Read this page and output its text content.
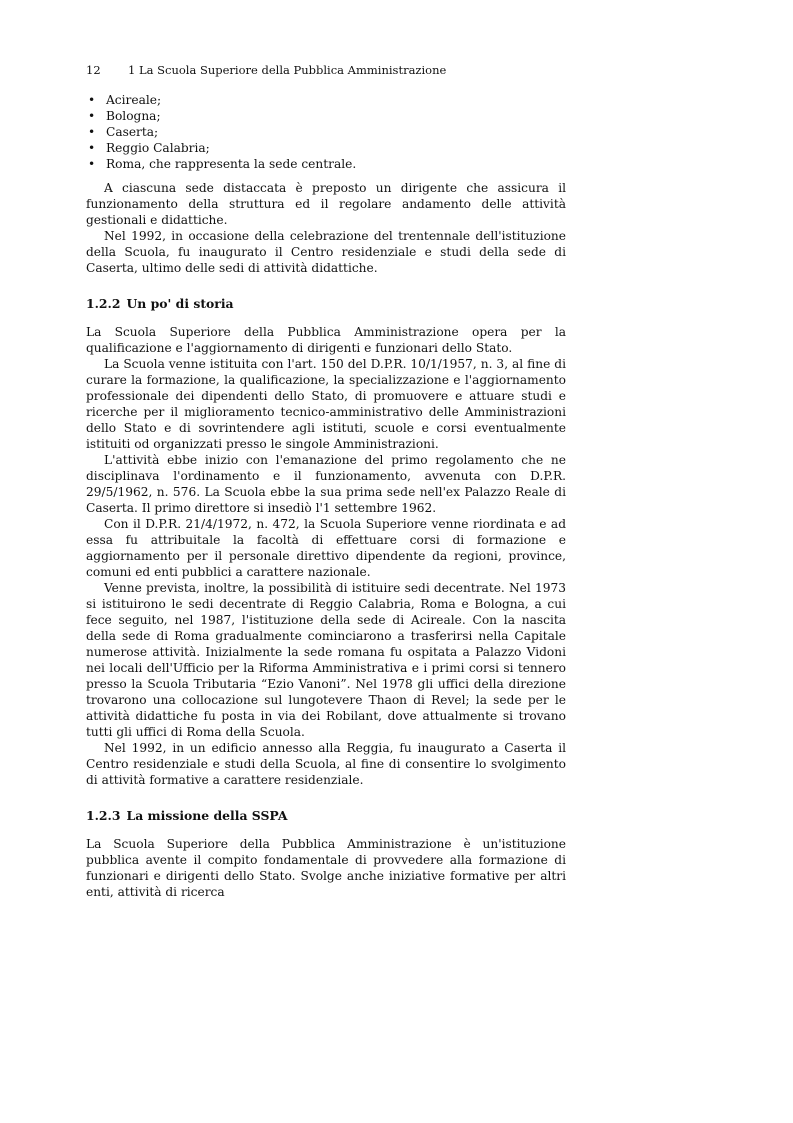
12	1 La Scuola Superiore della Pubblica Amministrazione
• Acireale;
• Bologna;
• Caserta;
• Reggio Calabria;
• Roma, che rappresenta la sede centrale.

A ciascuna sede distaccata è preposto un dirigente che assicura il funzionamento della struttura ed il regolare andamento delle attività gestionali e didattiche.

Nel 1992, in occasione della celebrazione del trentennale dell'istituzione della Scuola, fu inaugurato il Centro residenziale e studi della sede di Caserta, ultimo delle sedi di attività didattiche.

1.2.2 Un po' di storia

La Scuola Superiore della Pubblica Amministrazione opera per la qualificazione e l'aggiornamento di dirigenti e funzionari dello Stato.

La Scuola venne istituita con l'art. 150 del D.P.R. 10/1/1957, n. 3, al fine di curare la formazione, la qualificazione, la specializzazione e l'aggiornamento professionale dei dipendenti dello Stato, di promuovere e attuare studi e ricerche per il miglioramento tecnico-amministrativo delle Amministrazioni dello Stato e di sovrintendere agli istituti, scuole e corsi eventualmente istituiti od organizzati presso le singole Amministrazioni.

L'attività ebbe inizio con l'emanazione del primo regolamento che ne disciplinava l'ordinamento e il funzionamento, avvenuta con D.P.R. 29/5/1962, n. 576. La Scuola ebbe la sua prima sede nell'ex Palazzo Reale di Caserta. Il primo direttore si insediò l'1 settembre 1962.

Con il D.P.R. 21/4/1972, n. 472, la Scuola Superiore venne riordinata e ad essa fu attribuitale la facoltà di effettuare corsi di formazione e aggiornamento per il personale direttivo dipendente da regioni, province, comuni ed enti pubblici a carattere nazionale.

Venne prevista, inoltre, la possibilità di istituire sedi decentrate. Nel 1973 si istituirono le sedi decentrate di Reggio Calabria, Roma e Bologna, a cui fece seguito, nel 1987, l'istituzione della sede di Acireale. Con la nascita della sede di Roma gradualmente cominciarono a trasferirsi nella Capitale numerose attività. Inizialmente la sede romana fu ospitata a Palazzo Vidoni nei locali dell'Ufficio per la Riforma Amministrativa e i primi corsi si tennero presso la Scuola Tributaria “Ezio Vanoni”. Nel 1978 gli uffici della direzione trovarono una collocazione sul lungotevere Thaon di Revel; la sede per le attività didattiche fu posta in via dei Robilant, dove attualmente si trovano tutti gli uffici di Roma della Scuola.

Nel 1992, in un edificio annesso alla Reggia, fu inaugurato a Caserta il Centro residenziale e studi della Scuola, al fine di consentire lo svolgimento di attività formative a carattere residenziale.

1.2.3 La missione della SSPA

La Scuola Superiore della Pubblica Amministrazione è un'istituzione pubblica avente il compito fondamentale di provvedere alla formazione di funzionari e dirigenti dello Stato. Svolge anche iniziative formative per altri enti, attività di ricerca
